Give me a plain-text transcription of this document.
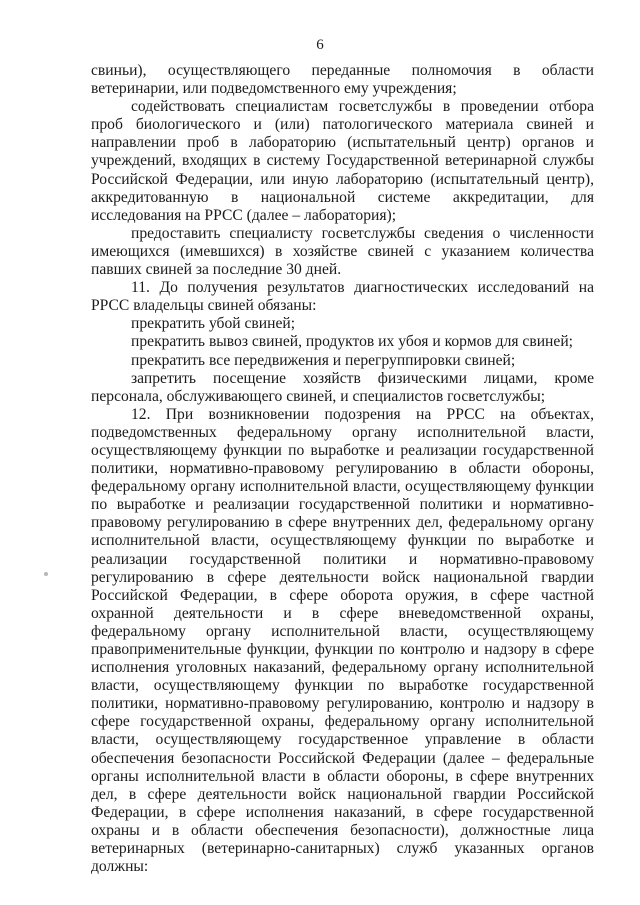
6

свиньи), осуществляющего переданные полномочия в области ветеринарии, или подведомственного ему учреждения;

содействовать специалистам госветслужбы в проведении отбора проб биологического и (или) патологического материала свиней и направлении проб в лабораторию (испытательный центр) органов и учреждений, входящих в систему Государственной ветеринарной службы Российской Федерации, или иную лабораторию (испытательный центр), аккредитованную в национальной системе аккредитации, для исследования на РРСС (далее – лаборатория);

предоставить специалисту госветслужбы сведения о численности имеющихся (имевшихся) в хозяйстве свиней с указанием количества павших свиней за последние 30 дней.

11. До получения результатов диагностических исследований на РРСС владельцы свиней обязаны:

прекратить убой свиней;

прекратить вывоз свиней, продуктов их убоя и кормов для свиней;

прекратить все передвижения и перегруппировки свиней;

запретить посещение хозяйств физическими лицами, кроме персонала, обслуживающего свиней, и специалистов госветслужбы;

12. При возникновении подозрения на РРСС на объектах, подведомственных федеральному органу исполнительной власти, осуществляющему функции по выработке и реализации государственной политики, нормативно-правовому регулированию в области обороны, федеральному органу исполнительной власти, осуществляющему функции по выработке и реализации государственной политики и нормативно-правовому регулированию в сфере внутренних дел, федеральному органу исполнительной власти, осуществляющему функции по выработке и реализации государственной политики и нормативно-правовому регулированию в сфере деятельности войск национальной гвардии Российской Федерации, в сфере оборота оружия, в сфере частной охранной деятельности и в сфере вневедомственной охраны, федеральному органу исполнительной власти, осуществляющему правоприменительные функции, функции по контролю и надзору в сфере исполнения уголовных наказаний, федеральному органу исполнительной власти, осуществляющему функции по выработке государственной политики, нормативно-правовому регулированию, контролю и надзору в сфере государственной охраны, федеральному органу исполнительной власти, осуществляющему государственное управление в области обеспечения безопасности Российской Федерации (далее – федеральные органы исполнительной власти в области обороны, в сфере внутренних дел, в сфере деятельности войск национальной гвардии Российской Федерации, в сфере исполнения наказаний, в сфере государственной охраны и в области обеспечения безопасности), должностные лица ветеринарных (ветеринарно-санитарных) служб указанных органов должны:
